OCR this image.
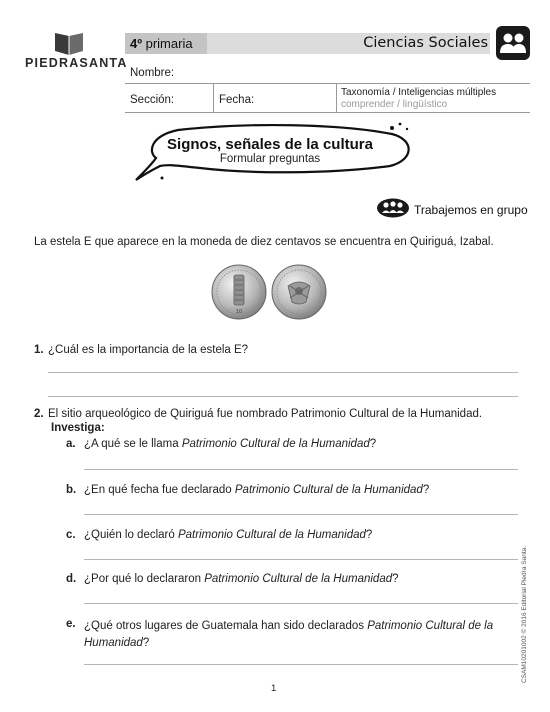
PIEDRASANTA
4º primaria	Ciencias Sociales
Nombre:
Sección:	Fecha:
Taxonomía / Inteligencias múltiples
comprender / lingüístico
Signos, señales de la cultura
Formular preguntas
Trabajemos en grupo
La estela E que aparece en la moneda de diez centavos se encuentra en Quiriguá, Izabal.
10
1. ¿Cuál es la importancia de la estela E?
2. El sitio arqueológico de Quiriguá fue nombrado Patrimonio Cultural de la Humanidad.
Investiga:
a. ¿A qué se le llama Patrimonio Cultural de la Humanidad?
b. ¿En qué fecha fue declarado Patrimonio Cultural de la Humanidad?
c. ¿Quién lo declaró Patrimonio Cultural de la Humanidad?
d. ¿Por qué lo declararon Patrimonio Cultural de la Humanidad?
e. ¿Qué otros lugares de Guatemala han sido declarados Patrimonio Cultural de la
Humanidad?	CSAM10201002 © 2016 Editorial Piedra Santa.
1
